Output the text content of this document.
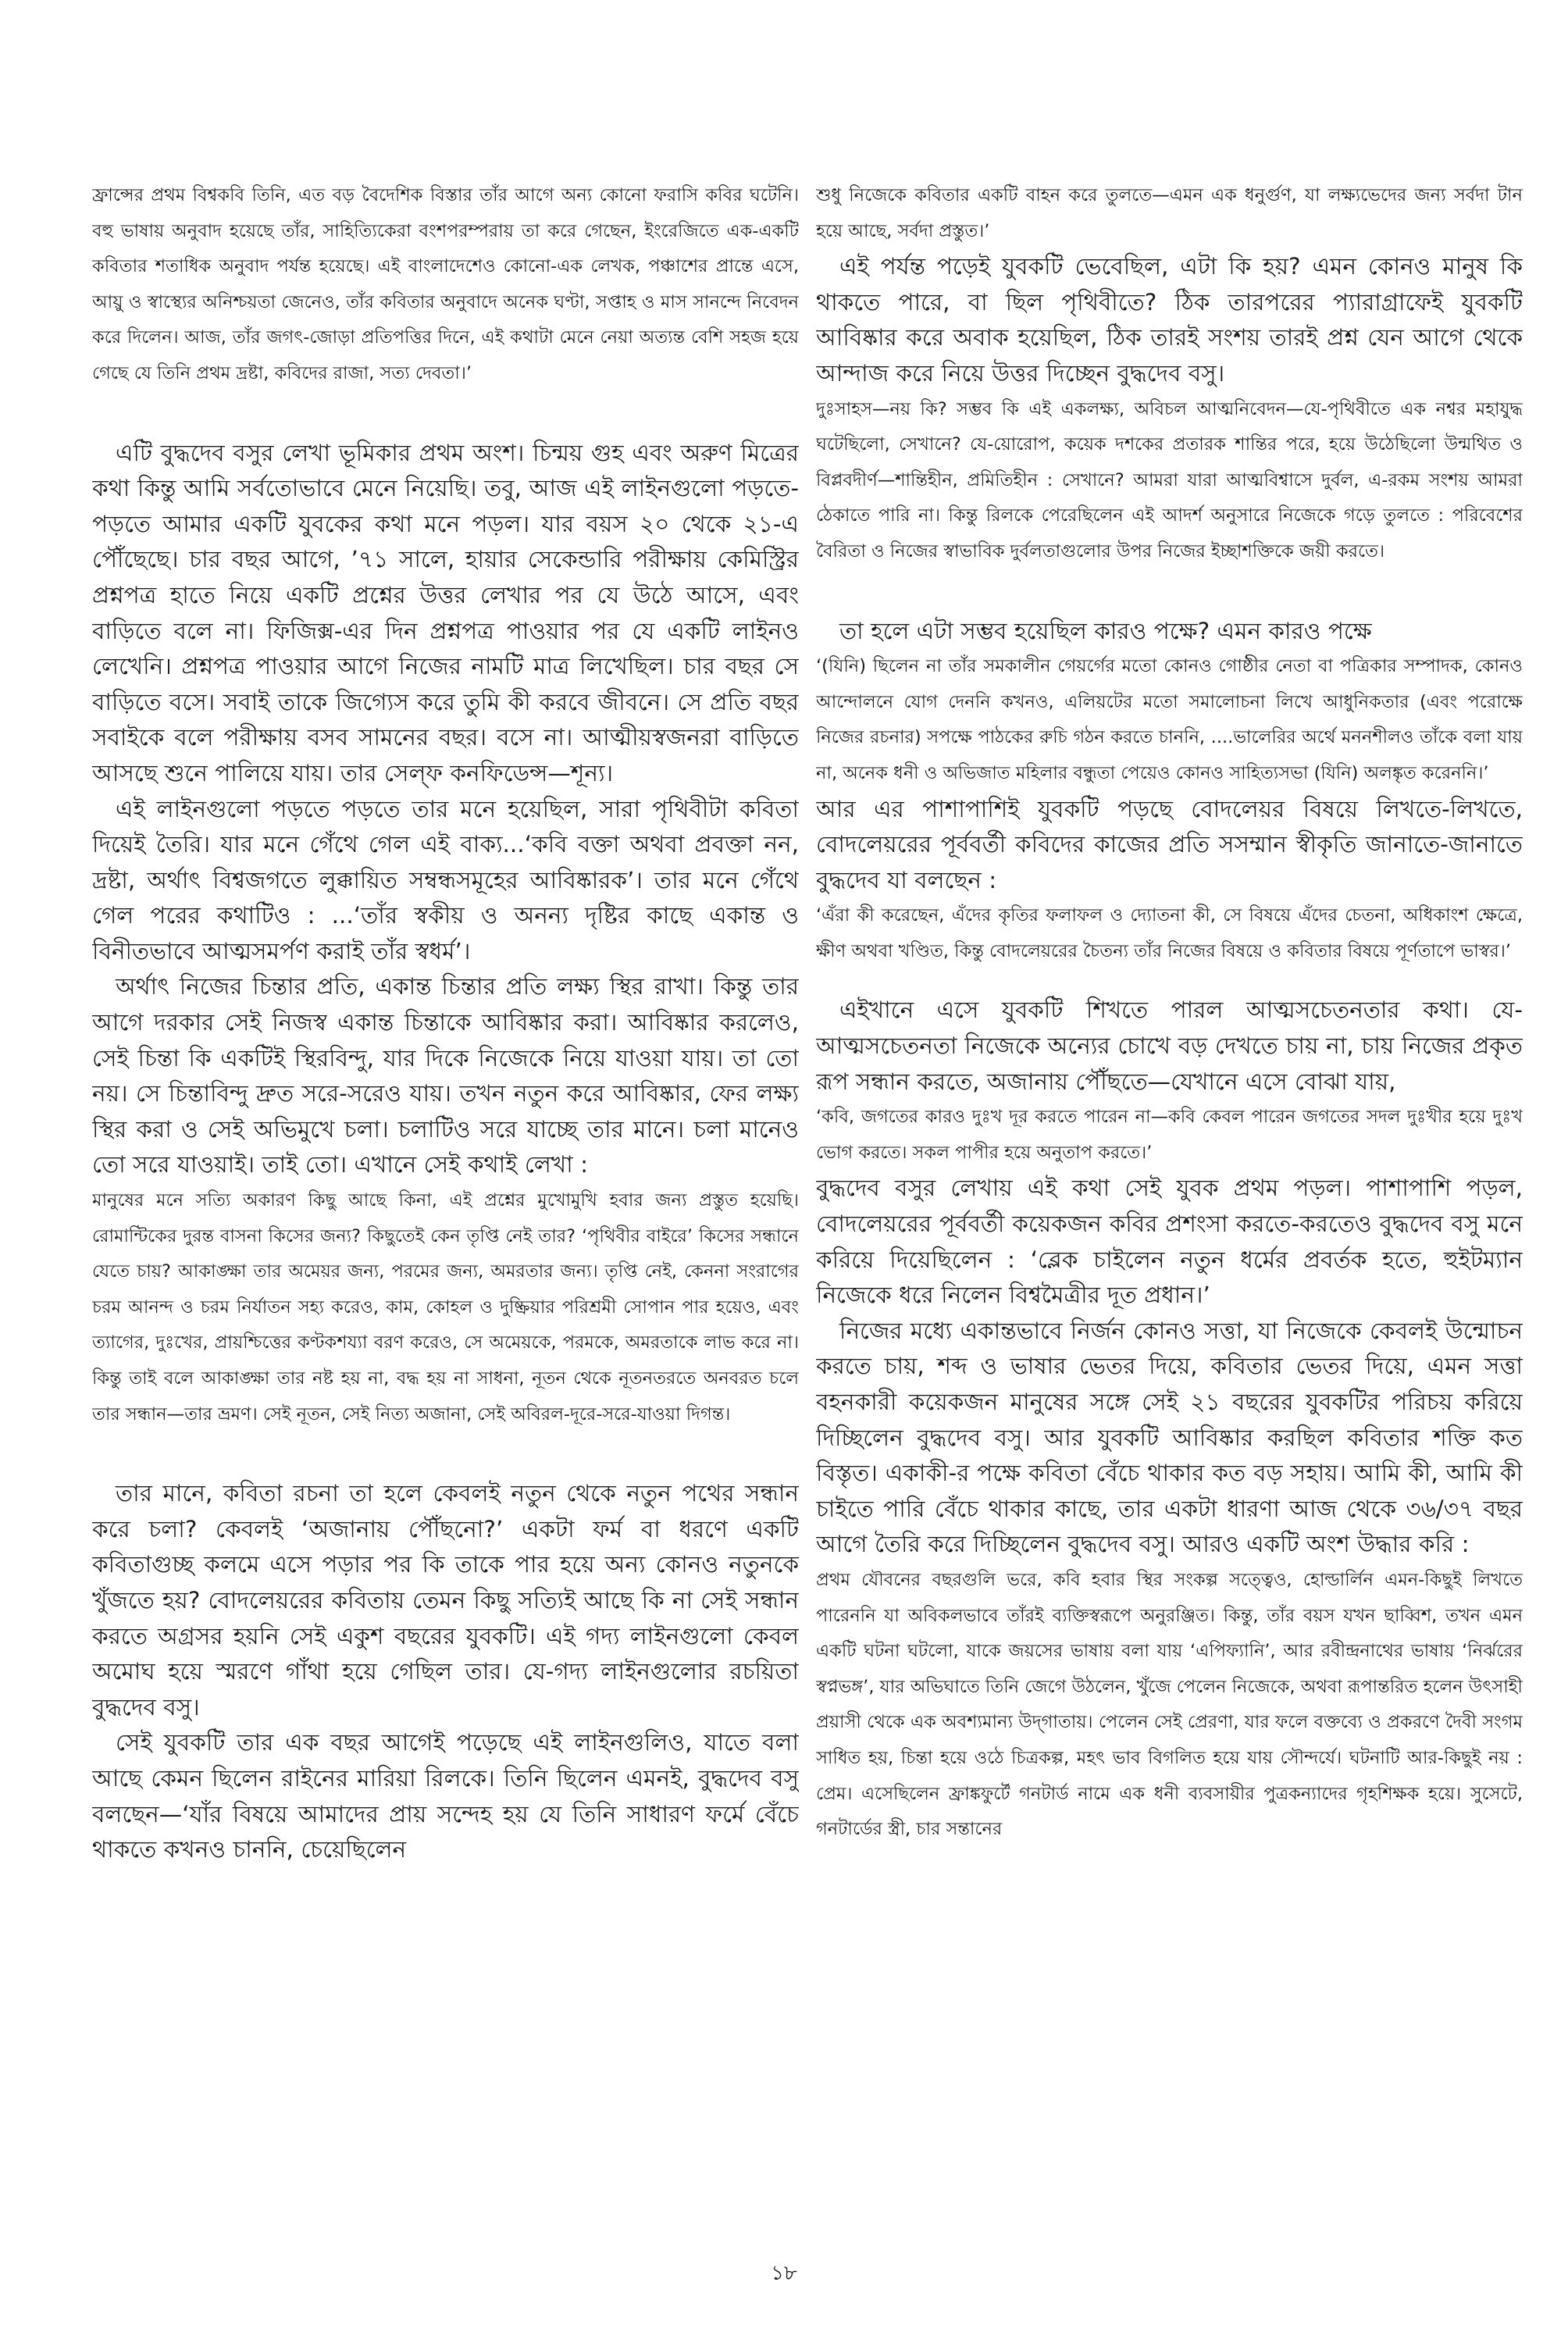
ফ্রান্সের প্রথম বিশ্বকবি তিনি, এত বড় বৈদেশিক বিস্তার তাঁর আগে অন্য কোনো ফরাসি কবির ঘটেনি। বহু ভাষায় অনুবাদ হয়েছে তাঁর, সাহিত্যিকেরা বংশপরম্পরায় তা করে গেছেন, ইংরেজিতে এক-একটি কবিতার শতাধিক অনুবাদ পর্যন্ত হয়েছে। এই বাংলাদেশেও কোনো-এক লেখক, পঞ্চাশের প্রান্তে এসে, আয়ু ও স্বাস্থ্যের অনিশ্চয়তা জেনেও, তাঁর কবিতার অনুবাদে অনেক ঘণ্টা, সপ্তাহ ও মাস সানন্দে নিবেদন করে দিলেন। আজ, তাঁর জগৎ-জোড়া প্রতিপত্তির দিনে, এই কথাটা মেনে নেয়া অত্যন্ত বেশি সহজ হয়ে গেছে যে তিনি প্রথম দ্রষ্টা, কবিদের রাজা, সত্য দেবতা।’

এটি বুদ্ধদেব বসুর লেখা ভূমিকার প্রথম অংশ। চিন্ময় গুহ এবং অরুণ মিত্রের কথা কিন্তু আমি সর্বতোভাবে মেনে নিয়েছি। তবু, আজ এই লাইনগুলো পড়তে-পড়তে আমার একটি যুবকের কথা মনে পড়ল। যার বয়স ২০ থেকে ২১-এ পৌঁছেছে। চার বছর আগে, ’৭১ সালে, হায়ার সেকেন্ডারি পরীক্ষায় কেমিস্ট্রির প্রশ্নপত্র হাতে নিয়ে একটি প্রশ্নের উত্তর লেখার পর যে উঠে আসে, এবং বাড়িতে বলে না। ফিজিক্স-এর দিন প্রশ্নপত্র পাওয়ার পর যে একটি লাইনও লেখেনি। প্রশ্নপত্র পাওয়ার আগে নিজের নামটি মাত্র লিখেছিল। চার বছর সে বাড়িতে বসে। সবাই তাকে জিগ্যেস করে তুমি কী করবে জীবনে। সে প্রতি বছর সবাইকে বলে পরীক্ষায় বসব সামনের বছর। বসে না। আত্মীয়স্বজনরা বাড়িতে আসছে শুনে পালিয়ে যায়। তার সেল্‌ফ কনফিডেন্স—শূন্য।

এই লাইনগুলো পড়তে পড়তে তার মনে হয়েছিল, সারা পৃথিবীটা কবিতা দিয়েই তৈরি। যার মনে গেঁথে গেল এই বাক্য...‘কবি বক্তা অথবা প্রবক্তা নন, দ্রষ্টা, অর্থাৎ বিশ্বজগতে লুক্কায়িত সম্বন্ধসমূহের আবিষ্কারক’। তার মনে গেঁথে গেল পরের কথাটিও : ...‘তাঁর স্বকীয় ও অনন্য দৃষ্টির কাছে একান্ত ও বিনীতভাবে আত্মসমর্পণ করাই তাঁর স্বধর্ম’।

অর্থাৎ নিজের চিন্তার প্রতি, একান্ত চিন্তার প্রতি লক্ষ্য স্থির রাখা। কিন্তু তার আগে দরকার সেই নিজস্ব একান্ত চিন্তাকে আবিষ্কার করা। আবিষ্কার করলেও, সেই চিন্তা কি একটিই স্থিরবিন্দু, যার দিকে নিজেকে নিয়ে যাওয়া যায়। তা তো নয়। সে চিন্তাবিন্দু দ্রুত সরে-সরেও যায়। তখন নতুন করে আবিষ্কার, ফের লক্ষ্য স্থির করা ও সেই অভিমুখে চলা। চলাটিও সরে যাচ্ছে তার মানে। চলা মানেও তো সরে যাওয়াই। তাই তো। এখানে সেই কথাই লেখা :

মানুষের মনে সত্যি অকারণ কিছু আছে কিনা, এই প্রশ্নের মুখোমুখি হবার জন্য প্রস্তুত হয়েছি। রোমান্টিকের দুরন্ত বাসনা কিসের জন্য? কিছুতেই কেন তৃপ্তি নেই তার? ‘পৃথিবীর বাইরে’ কিসের সন্ধানে যেতে চায়? আকাঙ্ক্ষা তার অমেয়র জন্য, পরমের জন্য, অমরতার জন্য। তৃপ্তি নেই, কেননা সংরাগের চরম আনন্দ ও চরম নির্যাতন সহ্য করেও, কাম, কোহল ও দুষ্ক্রিয়ার পরিশ্রমী সোপান পার হয়েও, এবং ত্যাগের, দুঃখের, প্রায়শ্চিত্তের কণ্টকশয্যা বরণ করেও, সে অমেয়কে, পরমকে, অমরতাকে লাভ করে না। কিন্তু তাই বলে আকাঙ্ক্ষা তার নষ্ট হয় না, বদ্ধ হয় না সাধনা, নূতন থেকে নূতনতরতে অনবরত চলে তার সন্ধান—তার ভ্রমণ। সেই নূতন, সেই নিত্য অজানা, সেই অবিরল-দূরে-সরে-যাওয়া দিগন্ত।

তার মানে, কবিতা রচনা তা হলে কেবলই নতুন থেকে নতুন পথের সন্ধান করে চলা? কেবলই ‘অজানায় পৌঁছনো?’ একটা ফর্ম বা ধরণে একটি কবিতাগুচ্ছ কলমে এসে পড়ার পর কি তাকে পার হয়ে অন্য কোনও নতুনকে খুঁজতে হয়? বোদলেয়রের কবিতায় তেমন কিছু সত্যিই আছে কি না সেই সন্ধান করতে অগ্রসর হয়নি সেই একুশ বছরের যুবকটি। এই গদ্য লাইনগুলো কেবল অমোঘ হয়ে স্মরণে গাঁথা হয়ে গেছিল তার। যে-গদ্য লাইনগুলোর রচয়িতা বুদ্ধদেব বসু।

সেই যুবকটি তার এক বছর আগেই পড়েছে এই লাইনগুলিও, যাতে বলা আছে কেমন ছিলেন রাইনের মারিয়া রিলকে। তিনি ছিলেন এমনই, বুদ্ধদেব বসু বলছেন—‘যাঁর বিষয়ে আমাদের প্রায় সন্দেহ হয় যে তিনি সাধারণ ফর্মে বেঁচে থাকতে কখনও চাননি, চেয়েছিলেন

শুধু নিজেকে কবিতার একটি বাহন করে তুলতে—এমন এক ধনুর্গুণ, যা লক্ষ্যভেদের জন্য সর্বদা টান হয়ে আছে, সর্বদা প্রস্তুত।’

এই পর্যন্ত পড়েই যুবকটি ভেবেছিল, এটা কি হয়? এমন কোনও মানুষ কি থাকতে পারে, বা ছিল পৃথিবীতে? ঠিক তারপরের প্যারাগ্রাফেই যুবকটি আবিষ্কার করে অবাক হয়েছিল, ঠিক তারই সংশয় তারই প্রশ্ন যেন আগে থেকে আন্দাজ করে নিয়ে উত্তর দিচ্ছেন বুদ্ধদেব বসু।

দুঃসাহস—নয় কি? সম্ভব কি এই একলক্ষ্য, অবিচল আত্মনিবেদন—যে-পৃথিবীতে এক নশ্বর মহাযুদ্ধ ঘটেছিলো, সেখানে? যে-য়োরোপ, কয়েক দশকের প্রতারক শান্তির পরে, হয়ে উঠেছিলো উন্মথিত ও বিপ্লবদীর্ণ—শান্তিহীন, প্রমিতিহীন : সেখানে? আমরা যারা আত্মবিশ্বাসে দুর্বল, এ-রকম সংশয় আমরা ঠেকাতে পারি না। কিন্তু রিলকে পেরেছিলেন এই আদর্শ অনুসারে নিজেকে গড়ে তুলতে : পরিবেশের বৈরিতা ও নিজের স্বাভাবিক দুর্বলতাগুলোর উপর নিজের ইচ্ছাশক্তিকে জয়ী করতে।

তা হলে এটা সম্ভব হয়েছিল কারও পক্ষে? এমন কারও পক্ষে

‘(যিনি) ছিলেন না তাঁর সমকালীন গেয়র্গের মতো কোনও গোষ্ঠীর নেতা বা পত্রিকার সম্পাদক, কোনও আন্দোলনে যোগ দেননি কখনও, এলিয়টের মতো সমালোচনা লিখে আধুনিকতার (এবং পরোক্ষে নিজের রচনার) সপক্ষে পাঠকের রুচি গঠন করতে চাননি, ....ভালেরির অর্থে মননশীলও তাঁকে বলা যায় না, অনেক ধনী ও অভিজাত মহিলার বন্ধুতা পেয়েও কোনও সাহিত্যসভা (যিনি) অলঙ্কৃত করেননি।’

আর এর পাশাপাশিই যুবকটি পড়ছে বোদলেয়র বিষয়ে লিখতে-লিখতে, বোদলেয়রের পূর্ববর্তী কবিদের কাজের প্রতি সসম্মান স্বীকৃতি জানাতে-জানাতে বুদ্ধদেব যা বলছেন :

‘এঁরা কী করেছেন, এঁদের কৃতির ফলাফল ও দ্যোতনা কী, সে বিষয়ে এঁদের চেতনা, অধিকাংশ ক্ষেত্রে, ক্ষীণ অথবা খণ্ডিত, কিন্তু বোদলেয়রের চৈতন্য তাঁর নিজের বিষয়ে ও কবিতার বিষয়ে পূর্ণতাপে ভাস্বর।’

এইখানে এসে যুবকটি শিখতে পারল আত্মসচেতনতার কথা। যে-আত্মসচেতনতা নিজেকে অন্যের চোখে বড় দেখতে চায় না, চায় নিজের প্রকৃত রূপ সন্ধান করতে, অজানায় পৌঁছতে—যেখানে এসে বোঝা যায়,

‘কবি, জগতের কারও দুঃখ দূর করতে পারেন না—কবি কেবল পারেন জগতের সদল দুঃখীর হয়ে দুঃখ ভোগ করতে। সকল পাপীর হয়ে অনুতাপ করতে।’

বুদ্ধদেব বসুর লেখায় এই কথা সেই যুবক প্রথম পড়ল। পাশাপাশি পড়ল, বোদলেয়রের পূর্ববর্তী কয়েকজন কবির প্রশংসা করতে-করতেও বুদ্ধদেব বসু মনে করিয়ে দিয়েছিলেন : ‘ব্লেক চাইলেন নতুন ধর্মের প্রবর্তক হতে, হুইটম্যান নিজেকে ধরে নিলেন বিশ্বমৈত্রীর দূত প্রধান।’

নিজের মধ্যে একান্তভাবে নির্জন কোনও সত্তা, যা নিজেকে কেবলই উন্মোচন করতে চায়, শব্দ ও ভাষার ভেতর দিয়ে, কবিতার ভেতর দিয়ে, এমন সত্তা বহনকারী কয়েকজন মানুষের সঙ্গে সেই ২১ বছরের যুবকটির পরিচয় করিয়ে দিচ্ছিলেন বুদ্ধদেব বসু। আর যুবকটি আবিষ্কার করছিল কবিতার শক্তি কত বিস্তৃত। একাকী-র পক্ষে কবিতা বেঁচে থাকার কত বড় সহায়। আমি কী, আমি কী চাইতে পারি বেঁচে থাকার কাছে, তার একটা ধারণা আজ থেকে ৩৬/৩৭ বছর আগে তৈরি করে দিচ্ছিলেন বুদ্ধদেব বসু। আরও একটি অংশ উদ্ধার করি :

প্রথম যৌবনের বছরগুলি ভরে, কবি হবার স্থির সংকল্প সত্ত্বেও, হোল্ডার্লিন এমন-কিছুই লিখতে পারেননি যা অবিকলভাবে তাঁরই ব্যক্তিস্বরূপে অনুরঞ্জিত। কিন্তু, তাঁর বয়স যখন ছাব্বিশ, তখন এমন একটি ঘটনা ঘটলো, যাকে জয়সের ভাষায় বলা যায় ‘এপিফ্যানি’, আর রবীন্দ্রনাথের ভাষায় ‘নির্ঝরের স্বপ্নভঙ্গ’, যার অভিঘাতে তিনি জেগে উঠলেন, খুঁজে পেলেন নিজেকে, অথবা রূপান্তরিত হলেন উৎসাহী প্রয়াসী থেকে এক অবশ্যমান্য উদ্‌গাতায়। পেলেন সেই প্রেরণা, যার ফলে বক্তব্যে ও প্রকরণে দৈবী সংগম সাধিত হয়, চিন্তা হয়ে ওঠে চিত্রকল্প, মহৎ ভাব বিগলিত হয়ে যায় সৌন্দর্যে। ঘটনাটি আর-কিছুই নয় : প্রেম। এসেছিলেন ফ্রাঙ্কফুর্টে গনটার্ড নামে এক ধনী ব্যবসায়ীর পুত্রকন্যাদের গৃহশিক্ষক হয়ে। সুসেটে, গনটার্ডের স্ত্রী, চার সন্তানের

১৮
